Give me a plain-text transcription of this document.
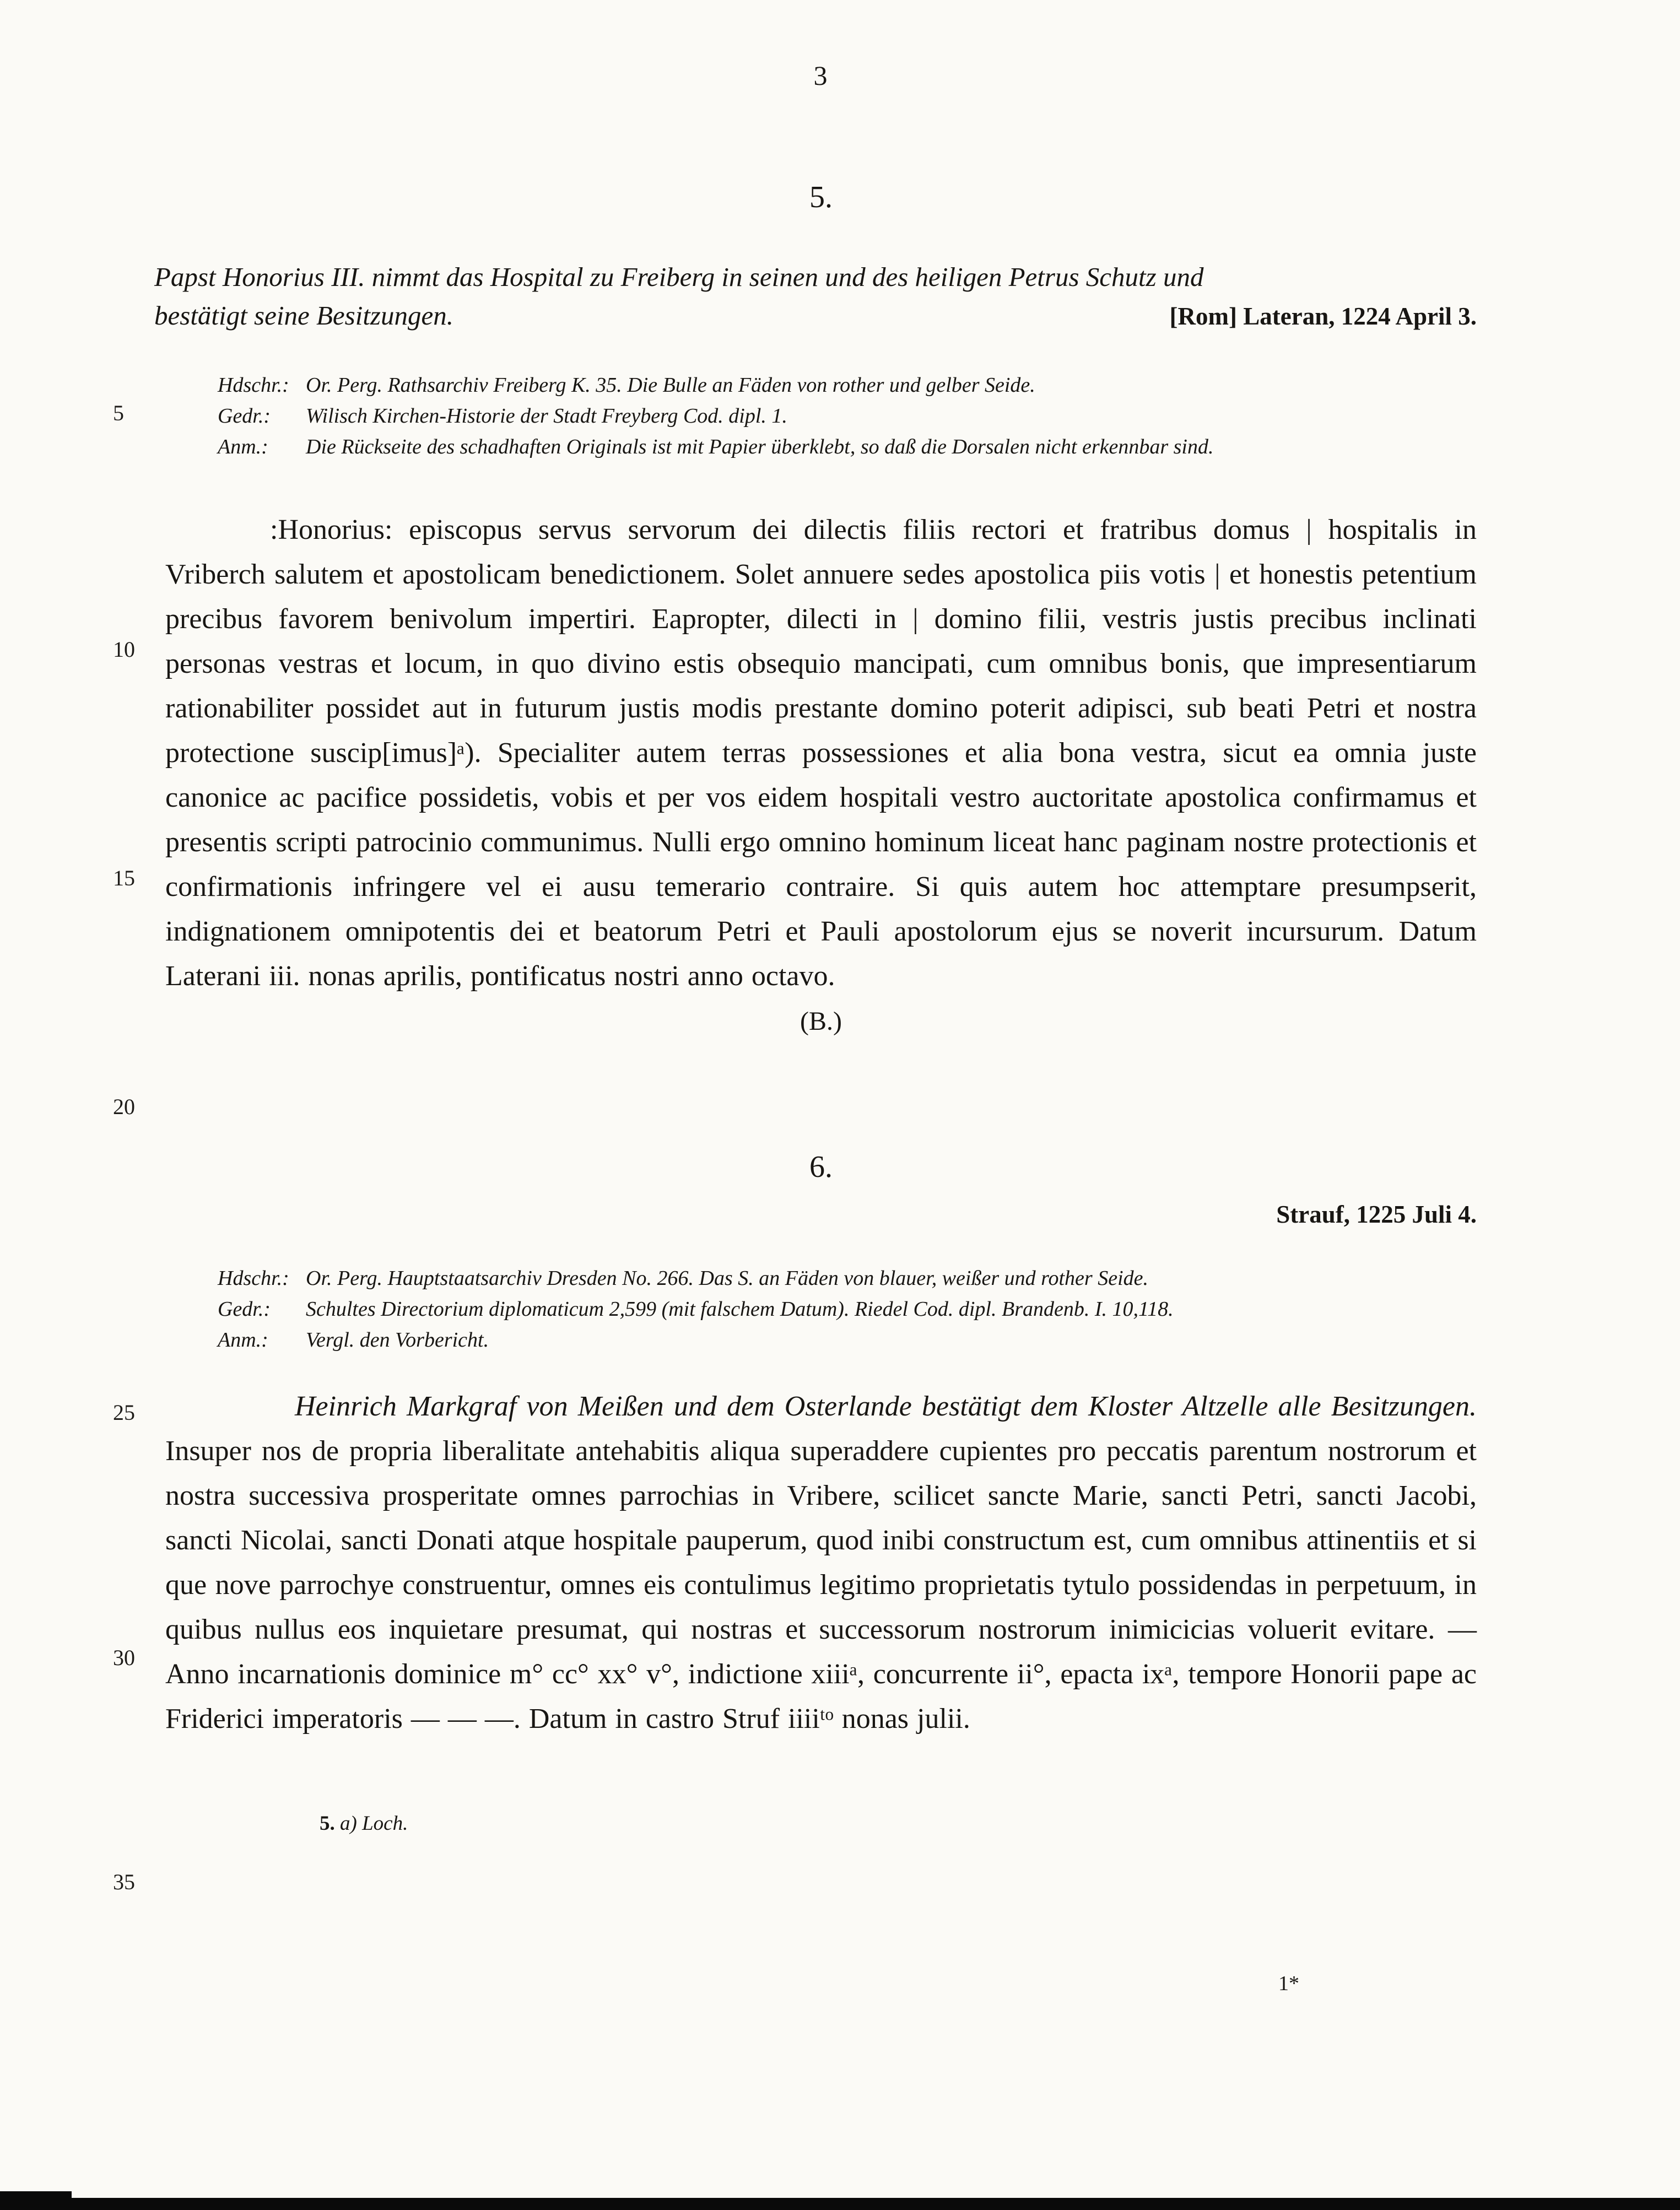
5
10
15
20
25
30
35
3
5.
Papst Honorius III. nimmt das Hospital zu Freiberg in seinen und des heiligen Petrus Schutz und
bestätigt seine Besitzungen.	[Rom] Lateran, 1224 April 3.
Hdschr.: Or. Perg. Rathsarchiv Freiberg K. 35. Die Bulle an Fäden von rother und gelber Seide.
Gedr.:	Wilisch Kirchen-Historie der Stadt Freyberg Cod. dipl. 1.
Anm.:	Die Rückseite des schadhaften Originals ist mit Papier überklebt, so daß die Dorsalen nicht erkennbar sind.

:Honorius: episcopus servus servorum dei dilectis filiis rectori et fratribus domus | hospitalis in Vriberch salutem et apostolicam benedictionem. Solet annuere sedes apostolica piis votis | et honestis petentium precibus favorem benivolum impertiri. Eapropter, dilecti in | domino filii, vestris justis precibus inclinati personas vestras et locum, in quo divino estis obsequio mancipati, cum omnibus bonis, que impresentiarum rationabiliter possidet aut in futurum justis modis prestante domino poterit adipisci, sub beati Petri et nostra protectione suscip[imus]ᵃ). Specialiter autem terras possessiones et alia bona vestra, sicut ea omnia juste canonice ac pacifice possidetis, vobis et per vos eidem hospitali vestro auctoritate apostolica confirmamus et presentis scripti patrocinio communimus. Nulli ergo omnino hominum liceat hanc paginam nostre protectionis et confirmationis infringere vel ei ausu temerario contraire. Si quis autem hoc attemptare presumpserit, indignationem omnipotentis dei et beatorum Petri et Pauli apostolorum ejus se noverit incursurum. Datum Laterani iii. nonas aprilis, pontificatus nostri anno octavo.

(B.)
6.
Strauf, 1225 Juli 4.
Hdschr.: Or. Perg. Hauptstaatsarchiv Dresden No. 266. Das S. an Fäden von blauer, weißer und rother Seide.
Gedr.:	Schultes Directorium diplomaticum 2,599 (mit falschem Datum). Riedel Cod. dipl. Brandenb. I. 10,118.
Anm.:	Vergl. den Vorbericht.

Heinrich Markgraf von Meißen und dem Osterlande bestätigt dem Kloster Altzelle alle Besitzungen. Insuper nos de propria liberalitate antehabitis aliqua superaddere cupientes pro peccatis parentum nostrorum et nostra successiva prosperitate omnes parrochias in Vribere, scilicet sancte Marie, sancti Petri, sancti Jacobi, sancti Nicolai, sancti Donati atque hospitale pauperum, quod inibi constructum est, cum omnibus attinentiis et si que nove parrochye construentur, omnes eis contulimus legitimo proprietatis tytulo possidendas in perpetuum, in quibus nullus eos inquietare presumat, qui nostras et successorum nostrorum inimicicias voluerit evitare. — Anno incarnationis dominice m° cc° xx° v°, indictione xiiiᵃ, concurrente ii°, epacta ixᵃ, tempore Honorii pape ac Friderici imperatoris — — —. Datum in castro Struf iiiiᵗᵒ nonas julii.

5. a) Loch.
1*
